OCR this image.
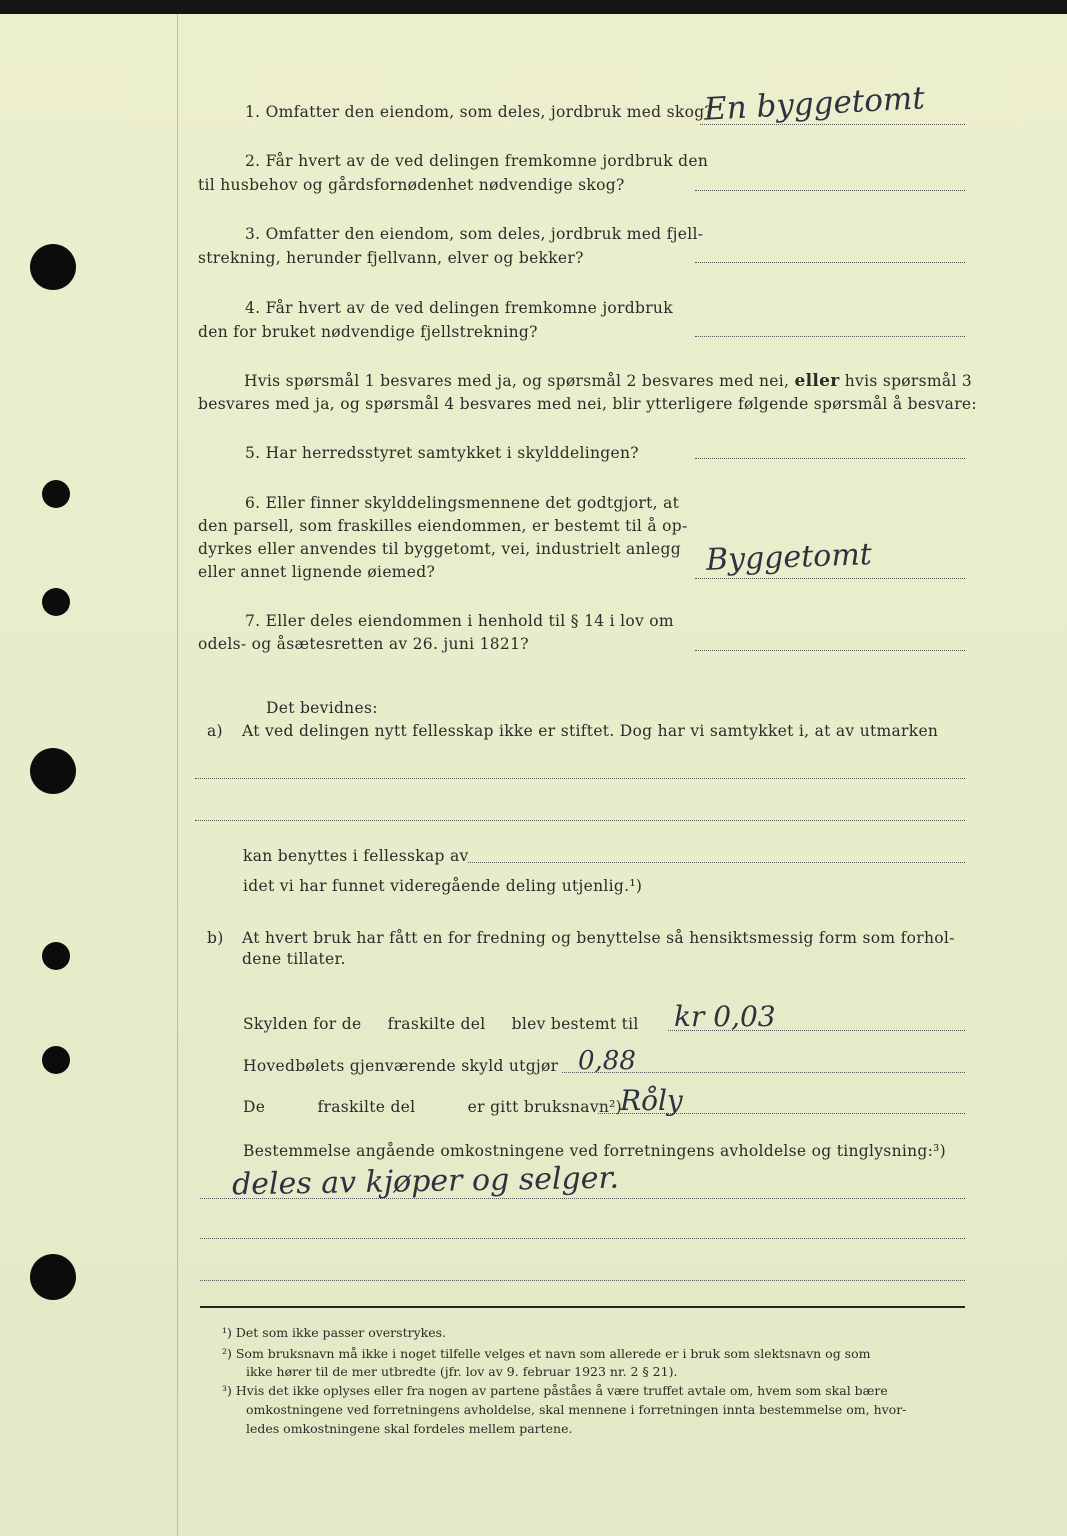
1. Omfatter den eiendom, som deles, jordbruk med skog?
En byggetomt
2. Får hvert av de ved delingen fremkomne jordbruk den
til husbehov og gårdsfornødenhet nødvendige skog?
3. Omfatter den eiendom, som deles, jordbruk med fjell-
strekning, herunder fjellvann, elver og bekker?
4. Får hvert av de ved delingen fremkomne jordbruk
den for bruket nødvendige fjellstrekning?
Hvis spørsmål 1 besvares med ja, og spørsmål 2 besvares med nei, eller hvis spørsmål 3
besvares med ja, og spørsmål 4 besvares med nei, blir ytterligere følgende spørsmål å besvare:
5. Har herredsstyret samtykket i skylddelingen?
6. Eller finner skylddelingsmennene det godtgjort, at
den parsell, som fraskilles eiendommen, er bestemt til å op-
dyrkes eller anvendes til byggetomt, vei, industrielt anlegg
eller annet lignende øiemed?	Byggetomt
7. Eller deles eiendommen i henhold til § 14 i lov om
odels- og åsætesretten av 26. juni 1821?
Det bevidnes:
a) At ved delingen nytt fellesskap ikke er stiftet. Dog har vi samtykket i, at av utmarken
kan benyttes i fellesskap av
idet vi har funnet videregående deling utjenlig.¹)
b) At hvert bruk har fått en for fredning og benyttelse så hensiktsmessig form som forhol-
dene tillater.
Skylden for de     fraskilte del     blev bestemt til kr 0,03
Hovedbølets gjenværende skyld utgjør 0,88
De          fraskilte del          er gitt bruksnavn²)
Ro̊ly
Bestemmelse angående omkostningene ved forretningens avholdelse og tinglysning:³)
deles av kjøper og selger.
¹) Det som ikke passer overstrykes.
²) Som bruksnavn må ikke i noget tilfelle velges et navn som allerede er i bruk som slektsnavn og som
ikke hører til de mer utbredte (jfr. lov av 9. februar 1923 nr. 2 § 21).
³) Hvis det ikke oplyses eller fra nogen av partene påståes å være truffet avtale om, hvem som skal bære
omkostningene ved forretningens avholdelse, skal mennene i forretningen innta bestemmelse om, hvor-
ledes omkostningene skal fordeles mellem partene.
